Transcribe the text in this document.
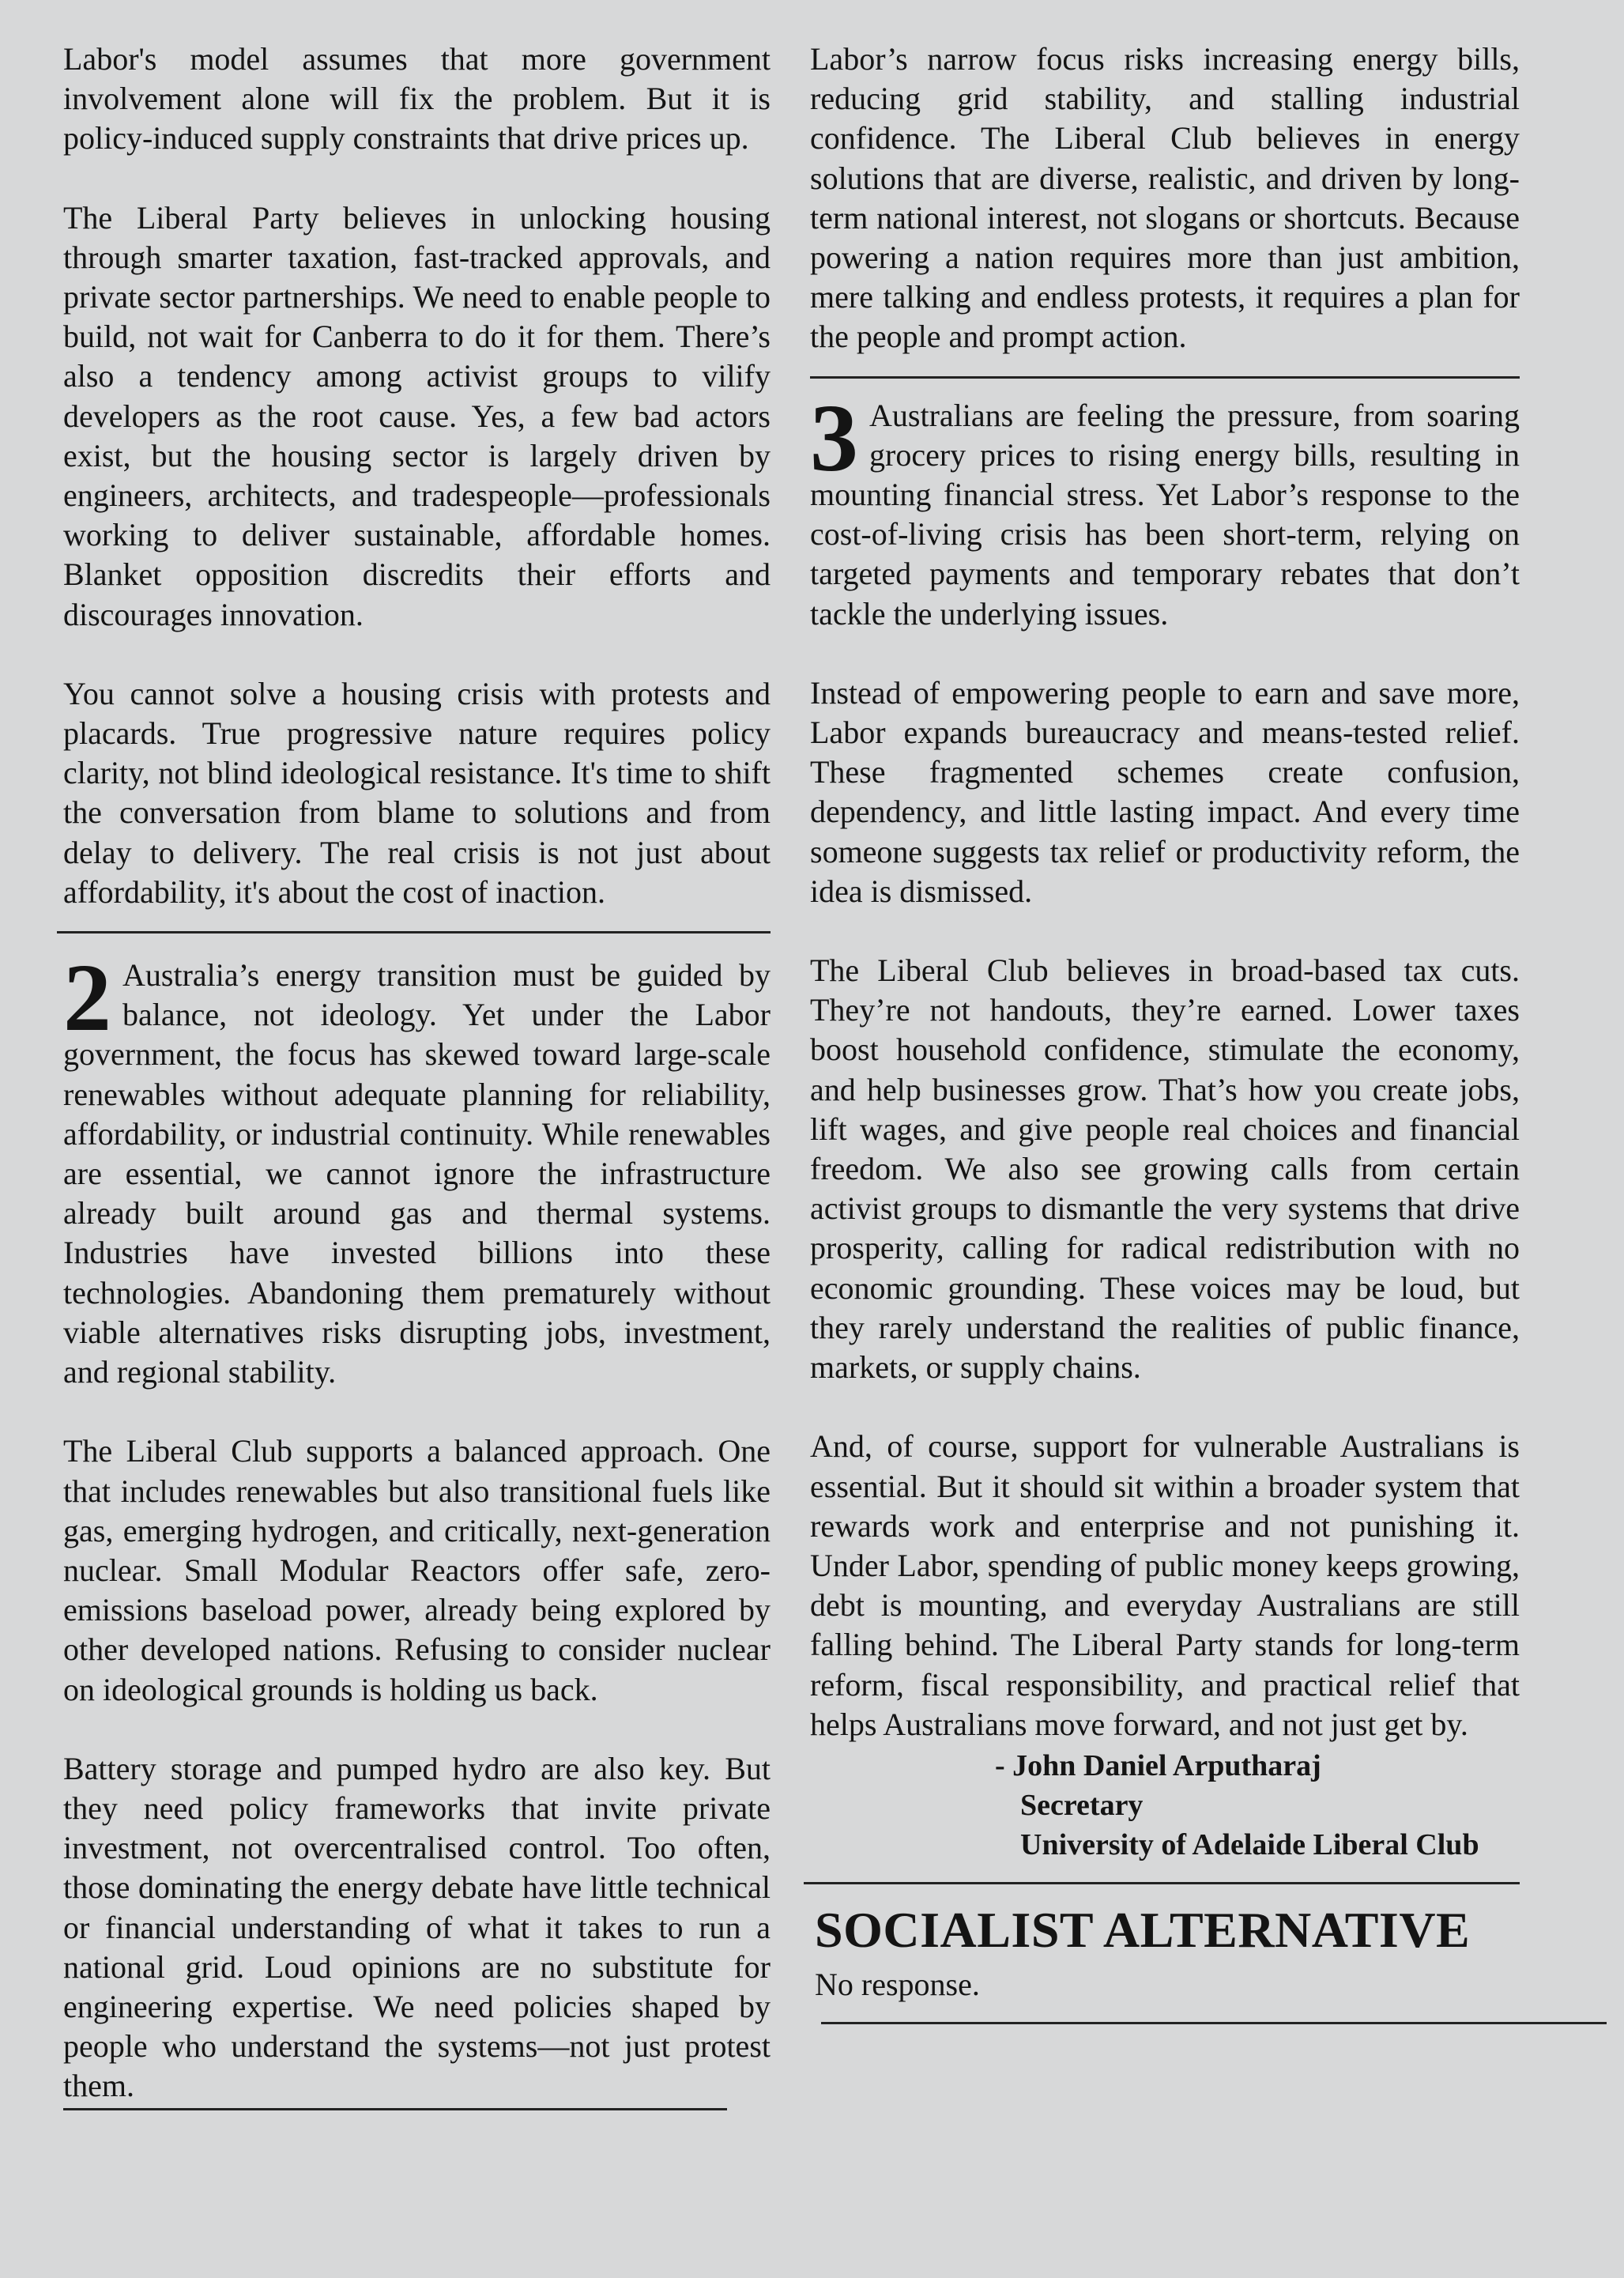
Labor's model assumes that more government involvement alone will fix the problem. But it is policy-induced supply constraints that drive prices up.

The Liberal Party believes in unlocking housing through smarter taxation, fast-tracked approvals, and private sector partnerships. We need to enable people to build, not wait for Canberra to do it for them. There’s also a tendency among activist groups to vilify developers as the root cause. Yes, a few bad actors exist, but the housing sector is largely driven by engineers, architects, and tradespeople—professionals working to deliver sustainable, affordable homes. Blanket opposition discredits their efforts and discourages innovation.

You cannot solve a housing crisis with protests and placards. True progressive nature requires policy clarity, not blind ideological resistance. It's time to shift the conversation from blame to solutions and from delay to delivery. The real crisis is not just about affordability, it's about the cost of inaction.

2 Australia’s energy transition must be guided by balance, not ideology. Yet under the Labor government, the focus has skewed toward large-scale renewables without adequate planning for reliability, affordability, or industrial continuity. While renewables are essential, we cannot ignore the infrastructure already built around gas and thermal systems. Industries have invested billions into these technologies. Abandoning them prematurely without viable alternatives risks disrupting jobs, investment, and regional stability.

The Liberal Club supports a balanced approach. One that includes renewables but also transitional fuels like gas, emerging hydrogen, and critically, next-generation nuclear. Small Modular Reactors offer safe, zero-emissions baseload power, already being explored by other developed nations. Refusing to consider nuclear on ideological grounds is holding us back.

Battery storage and pumped hydro are also key. But they need policy frameworks that invite private investment, not overcentralised control. Too often, those dominating the energy debate have little technical or financial understanding of what it takes to run a national grid. Loud opinions are no substitute for engineering expertise. We need policies shaped by people who understand the systems—not just protest them.

Labor’s narrow focus risks increasing energy bills, reducing grid stability, and stalling industrial confidence. The Liberal Club believes in energy solutions that are diverse, realistic, and driven by long-term national interest, not slogans or shortcuts. Because powering a nation requires more than just ambition, mere talking and endless protests, it requires a plan for the people and prompt action.

3 Australians are feeling the pressure, from soaring grocery prices to rising energy bills, resulting in mounting financial stress. Yet Labor’s response to the cost-of-living crisis has been short-term, relying on targeted payments and temporary rebates that don’t tackle the underlying issues.

Instead of empowering people to earn and save more, Labor expands bureaucracy and means-tested relief. These fragmented schemes create confusion, dependency, and little lasting impact. And every time someone suggests tax relief or productivity reform, the idea is dismissed.

The Liberal Club believes in broad-based tax cuts. They’re not handouts, they’re earned. Lower taxes boost household confidence, stimulate the economy, and help businesses grow. That’s how you create jobs, lift wages, and give people real choices and financial freedom. We also see growing calls from certain activist groups to dismantle the very systems that drive prosperity, calling for radical redistribution with no economic grounding. These voices may be loud, but they rarely understand the realities of public finance, markets, or supply chains.

And, of course, support for vulnerable Australians is essential. But it should sit within a broader system that rewards work and enterprise and not punishing it. Under Labor, spending of public money keeps growing, debt is mounting, and everyday Australians are still falling behind. The Liberal Party stands for long-term reform, fiscal responsibility, and practical relief that helps Australians move forward, and not just get by.

- John Daniel Arputharaj
Secretary
University of Adelaide Liberal Club
SOCIALIST ALTERNATIVE
No response.
